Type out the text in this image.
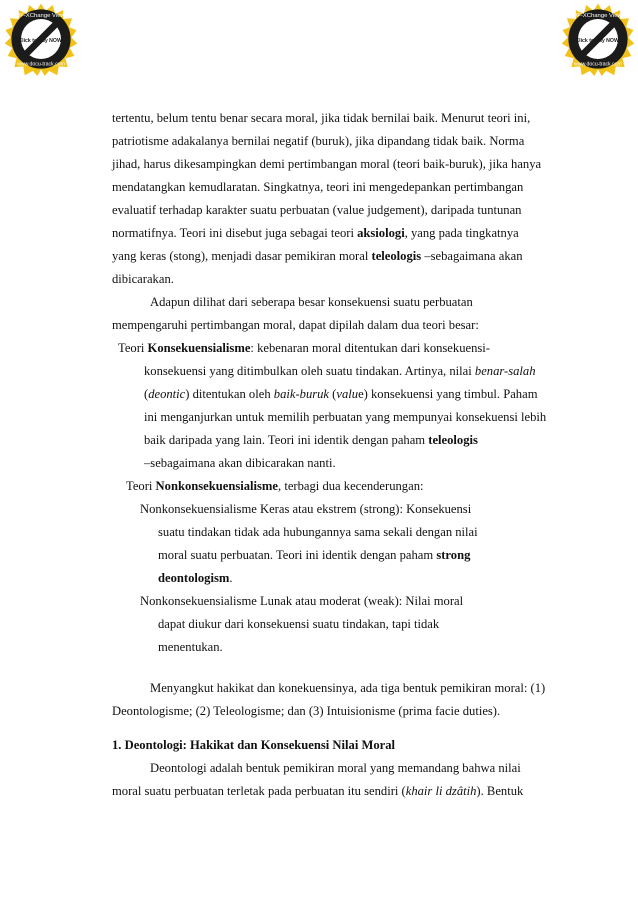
PDF-XChange Viewer
Click to buy NOW!
www.docu-track.com
PDF-XChange Viewer
Click to buy NOW!
www.docu-track.com
tertentu, belum tentu benar secara moral, jika tidak bernilai baik. Menurut teori ini,
patriotisme adakalanya bernilai negatif (buruk), jika dipandang tidak baik. Norma
jihad, harus dikesampingkan demi pertimbangan moral (teori baik-buruk), jika hanya
mendatangkan kemudlaratan. Singkatnya, teori ini mengedepankan pertimbangan
evaluatif terhadap karakter suatu perbuatan (value judgement), daripada tuntunan
normatifnya. Teori ini disebut juga sebagai teori aksiologi, yang pada tingkatnya
yang keras (stong), menjadi dasar pemikiran moral teleologis –sebagaimana akan
dibicarakan.
Adapun dilihat dari seberapa besar konsekuensi suatu perbuatan
mempengaruhi pertimbangan moral, dapat dipilah dalam dua teori besar:
Teori Konsekuensialisme: kebenaran moral ditentukan dari konsekuensi-
konsekuensi yang ditimbulkan oleh suatu tindakan. Artinya, nilai benar-salah
(deontic) ditentukan oleh baik-buruk (value) konsekuensi yang timbul. Paham
ini menganjurkan untuk memilih perbuatan yang mempunyai konsekuensi lebih
baik daripada yang lain. Teori ini identik dengan paham teleologis
–sebagaimana akan dibicarakan nanti.
Teori Nonkonsekuensialisme, terbagi dua kecenderungan:
Nonkonsekuensialisme Keras atau ekstrem (strong): Konsekuensi
suatu tindakan tidak ada hubungannya sama sekali dengan nilai
moral suatu perbuatan. Teori ini identik dengan paham strong
deontologism.
Nonkonsekuensialisme Lunak atau moderat (weak): Nilai moral
dapat diukur dari konsekuensi suatu tindakan, tapi tidak
menentukan.
Menyangkut hakikat dan konekuensinya, ada tiga bentuk pemikiran moral: (1)
Deontologisme; (2) Teleologisme; dan (3) Intuisionisme (prima facie duties).
1. Deontologi: Hakikat dan Konsekuensi Nilai Moral
Deontologi adalah bentuk pemikiran moral yang memandang bahwa nilai
moral suatu perbuatan terletak pada perbuatan itu sendiri (khair li dzâtih). Bentuk
